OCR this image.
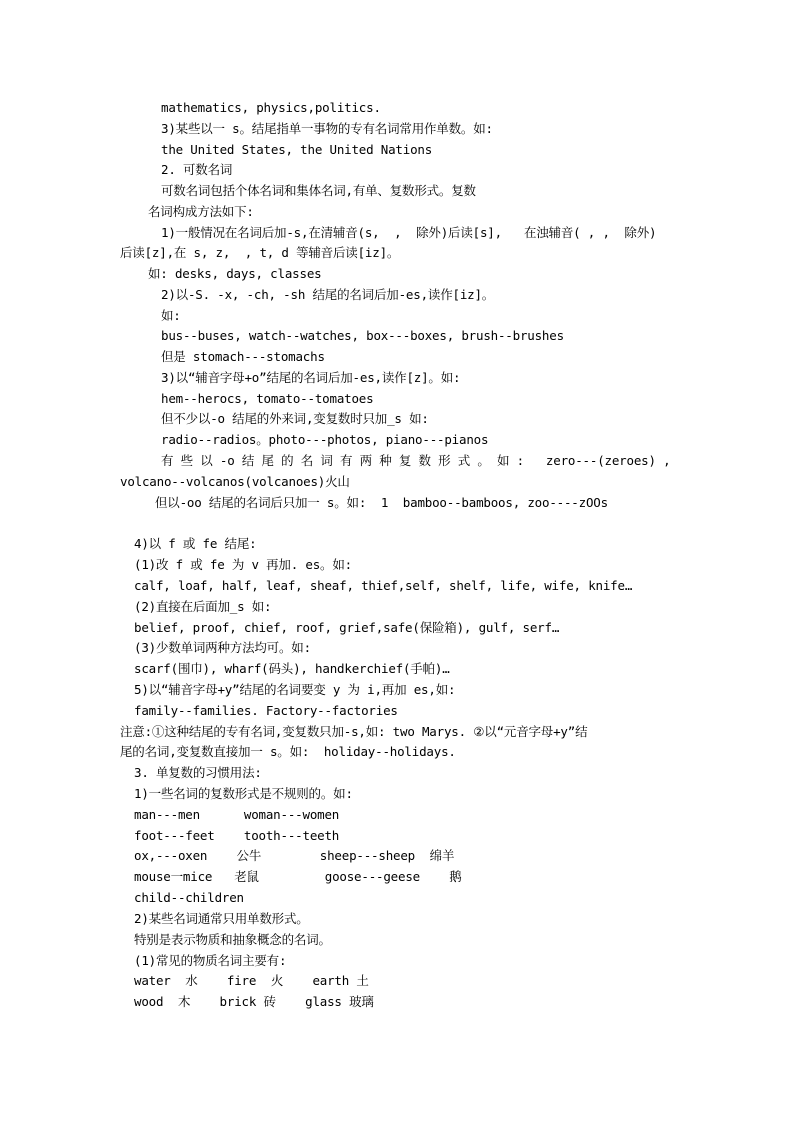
mathematics, physics,politics.
3)某些以一 s。结尾指单一事物的专有名词常用作单数。如:
the United States, the United Nations
2. 可数名词
可数名词包括个体名词和集体名词,有单、复数形式。复数
名词构成方法如下:
1)一般情况在名词后加-s,在清辅音(s,  ,  除外)后读[s],   在浊辅音( , ,  除外)
后读[z],在 s, z,  , t, d 等辅音后读[iz]。
如: desks, days, classes
2)以-S. -x, -ch, -sh 结尾的名词后加-es,读作[iz]。
如:
bus--buses, watch--watches, box---boxes, brush--brushes
但是 stomach---stomachs
3)以“辅音字母+o”结尾的名词后加-es,读作[z]。如:
hem--herocs, tomato--tomatoes
但不少以-o 结尾的外来词,变复数时只加_s 如:
radio--radios。photo---photos, piano---pianos
有 些 以 -o 结 尾 的 名 词 有 两 种 复 数 形 式 。 如 :   zero---(zeroes) ,
volcano--volcanos(volcanoes)火山
但以-oo 结尾的名词后只加一 s。如:  1  bamboo--bamboos, zoo----zOOs
4)以 f 或 fe 结尾:
(1)改 f 或 fe 为 v 再加. es。如:
calf, loaf, half, leaf, sheaf, thief,self, shelf, life, wife, knife…
(2)直接在后面加_s 如:
belief, proof, chief, roof, grief,safe(保险箱), gulf, serf…
(3)少数单词两种方法均可。如:
scarf(围巾), wharf(码头), handkerchief(手帕)…
5)以“辅音字母+y”结尾的名词要变 y 为 i,再加 es,如:
family--families. Factory--factories
注意:①这种结尾的专有名词,变复数只加-s,如: two Marys. ②以“元音字母+y”结
尾的名词,变复数直接加一 s。如:  holiday--holidays.
3. 单复数的习惯用法:
1)一些名词的复数形式是不规则的。如:
man---men      woman---women
foot---feet    tooth---teeth
ox,---oxen    公牛        sheep---sheep  绵羊
mouse一mice   老鼠         goose---geese    鹅
child--children
2)某些名词通常只用单数形式。
特别是表示物质和抽象概念的名词。
(1)常见的物质名词主要有:
water  水    fire  火    earth 土
wood  木    brick 砖    glass 玻璃
